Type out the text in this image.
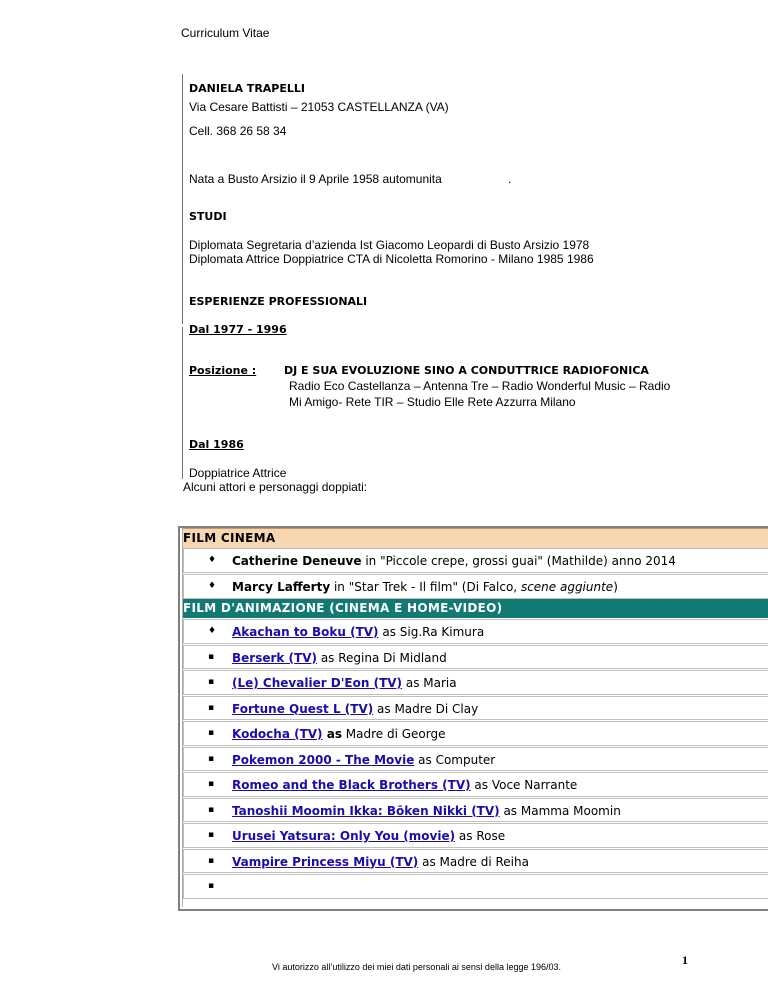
Curriculum Vitae
DANIELA TRAPELLI
Via Cesare Battisti – 21053 CASTELLANZA (VA)
Cell. 368 26 58 34
Nata a Busto Arsizio il 9 Aprile 1958 automunita	.
STUDI
Diplomata Segretaria d’azienda Ist Giacomo Leopardi di Busto Arsizio 1978
Diplomata Attrice Doppiatrice CTA di Nicoletta Romorino - Milano 1985 1986
ESPERIENZE PROFESSIONALI
Dal 1977 - 1996
Posizione :	DJ E SUA EVOLUZIONE SINO A CONDUTTRICE RADIOFONICA
Radio Eco Castellanza – Antenna Tre – Radio Wonderful Music – Radio
Mi Amigo- Rete TIR – Studio Elle Rete Azzurra Milano
Dal 1986
Doppiatrice Attrice
Alcuni attori e personaggi doppiati:
FILM CINEMA
♦ Catherine Deneuve in "Piccole crepe, grossi guai" (Mathilde) anno 2014
♦ Marcy Lafferty in "Star Trek - Il film" (Di Falco, scene aggiunte)
FILM D'ANIMAZIONE (CINEMA E HOME-VIDEO)
♦ Akachan to Boku (TV) as Sig.Ra Kimura
▪ Berserk (TV) as Regina Di Midland
▪ (Le) Chevalier D'Eon (TV) as Maria
▪ Fortune Quest L (TV) as Madre Di Clay
▪ Kodocha (TV) as Madre di George
▪ Pokemon 2000 - The Movie as Computer
▪ Romeo and the Black Brothers (TV) as Voce Narrante
▪ Tanoshii Moomin Ikka: Bōken Nikki (TV) as Mamma Moomin
▪ Urusei Yatsura: Only You (movie) as Rose
▪ Vampire Princess Miyu (TV) as Madre di Reiha
▪
1
Vi autorizzo all’utilizzo dei miei dati personali ai sensi della legge 196/03.
